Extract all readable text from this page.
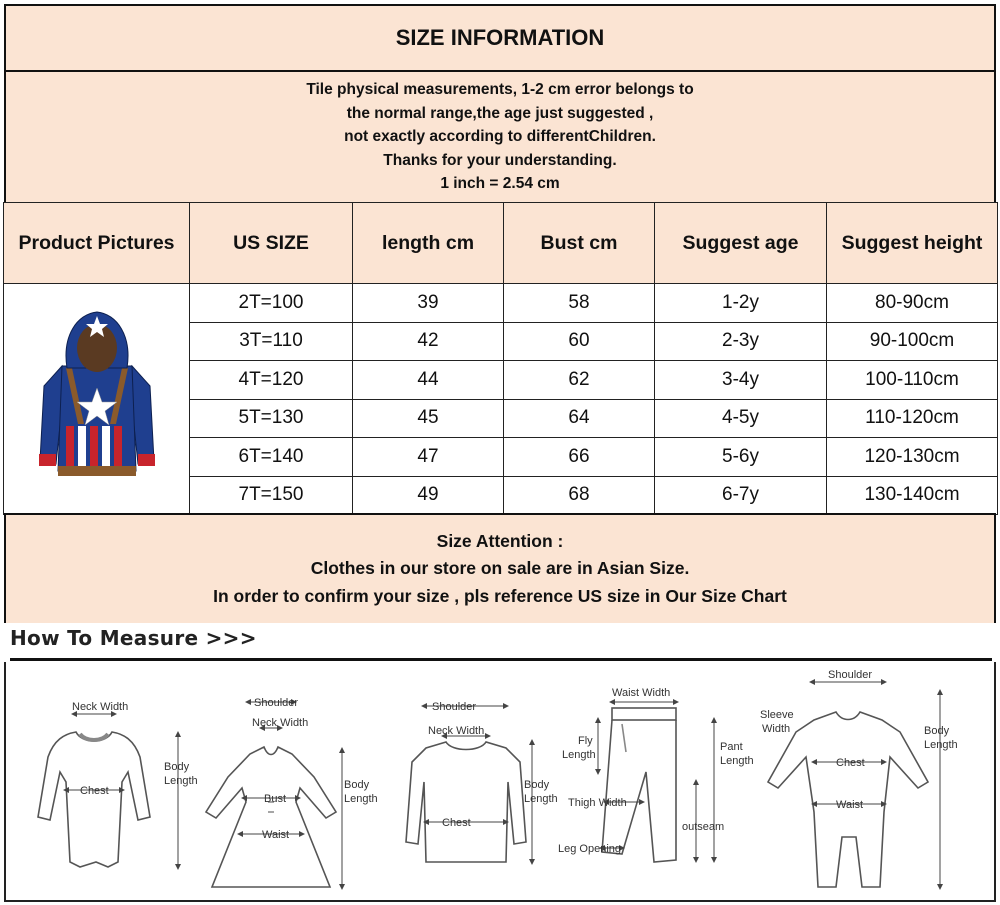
SIZE INFORMATION
Tile physical measurements, 1-2 cm error belongs to
the normal range,the age just suggested ,
not exactly according to differentChildren.
Thanks for your understanding.
1 inch = 2.54 cm
Product Pictures	US SIZE	length cm	Bust cm	Suggest age	Suggest height
	2T=100	39	58	1-2y	80-90cm
	3T=110	42	60	2-3y	90-100cm
	4T=120	44	62	3-4y	100-110cm
	5T=130	45	64	4-5y	110-120cm
	6T=140	47	66	5-6y	120-130cm
	7T=150	49	68	6-7y	130-140cm
Size Attention :
Clothes in our store on sale are in Asian Size.
In order to confirm your size , pls reference US size in Our Size Chart
How To Measure >>>
Neck Width
Chest
Body
Length
Shoulder
Neck Width
Bust
Waist
Body
Length
Shoulder
Neck Width
Chest
Body
Length
Waist Width
Fly
Length
Pant
Length
Thigh Width
outseam
Leg Opening
Shoulder
Sleeve
Width
Chest
Waist
Body
Length
